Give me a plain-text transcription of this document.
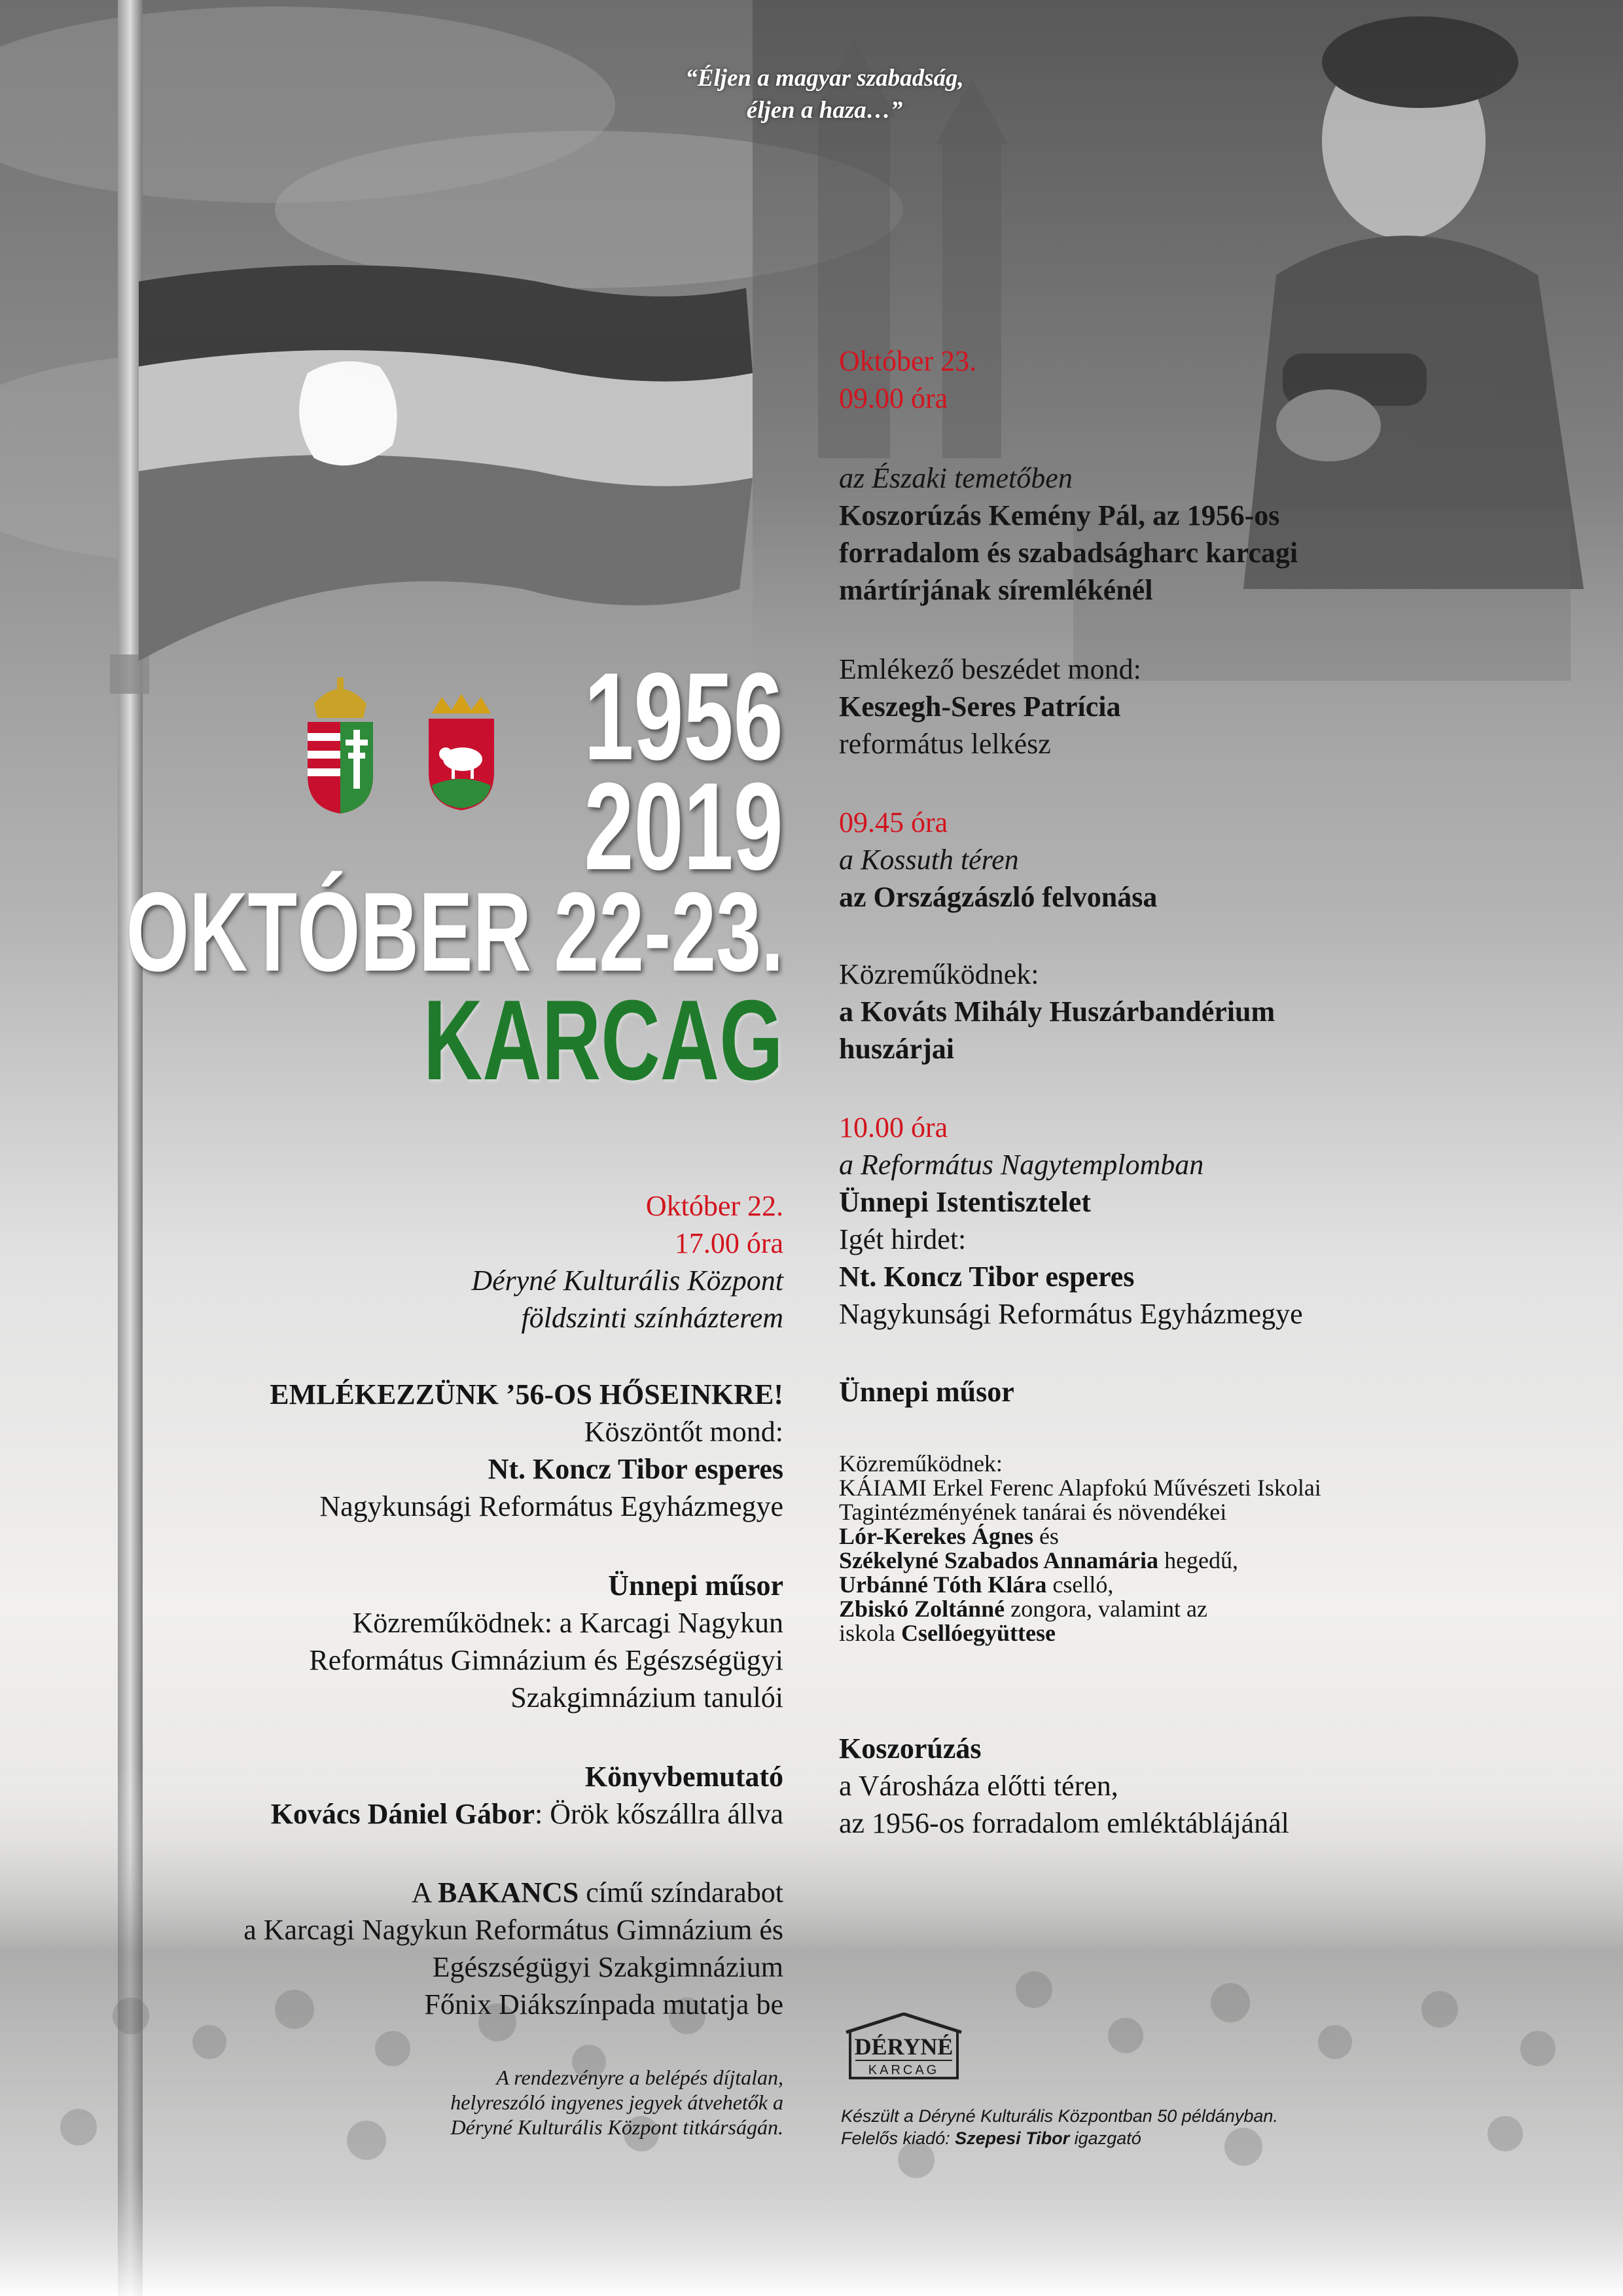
“Éljen a magyar szabadság,
éljen a haza…”
1956
2019
OKTÓBER 22-23.
KARCAG
Október 22.
17.00 óra
Déryné Kulturális Központ
földszinti színházterem
EMLÉKEZZÜNK ’56-OS HŐSEINKRE!
Köszöntőt mond:
Nt. Koncz Tibor esperes
Nagykunsági Református Egyházmegye
Ünnepi műsor
Közreműködnek: a Karcagi Nagykun
Református Gimnázium és Egészségügyi
Szakgimnázium tanulói
Könyvbemutató
Kovács Dániel Gábor: Örök kőszállra állva
A BAKANCS című színdarabot
a Karcagi Nagykun Református Gimnázium és
Egészségügyi Szakgimnázium
Főnix Diákszínpada mutatja be
A rendezvényre a belépés díjtalan,
helyreszóló ingyenes jegyek átvehetők a
Déryné Kulturális Központ titkárságán.
Október 23.
09.00 óra
az Északi temetőben
Koszorúzás Kemény Pál, az 1956-os
forradalom és szabadságharc karcagi
mártírjának síremlékénél
Emlékező beszédet mond:
Keszegh-Seres Patrícia
református lelkész
09.45 óra
a Kossuth téren
az Országzászló felvonása
Közreműködnek:
a Kováts Mihály Huszárbandérium
huszárjai
10.00 óra
a Református Nagytemplomban
Ünnepi Istentisztelet
Igét hirdet:
Nt. Koncz Tibor esperes
Nagykunsági Református Egyházmegye
Ünnepi műsor
Közreműködnek:
KÁIAMI Erkel Ferenc Alapfokú Művészeti Iskolai
Tagintézményének tanárai és növendékei
Lór-Kerekes Ágnes és
Székelyné Szabados Annamária hegedű,
Urbánné Tóth Klára cselló,
Zbiskó Zoltánné zongora, valamint az
iskola Csellóegyüttese
Koszorúzás
a Városháza előtti téren,
az 1956-os forradalom emléktáblájánál
DÉRYNÉ
KARCAG
Készült a Déryné Kulturális Központban 50 példányban.
Felelős kiadó: Szepesi Tibor igazgató
